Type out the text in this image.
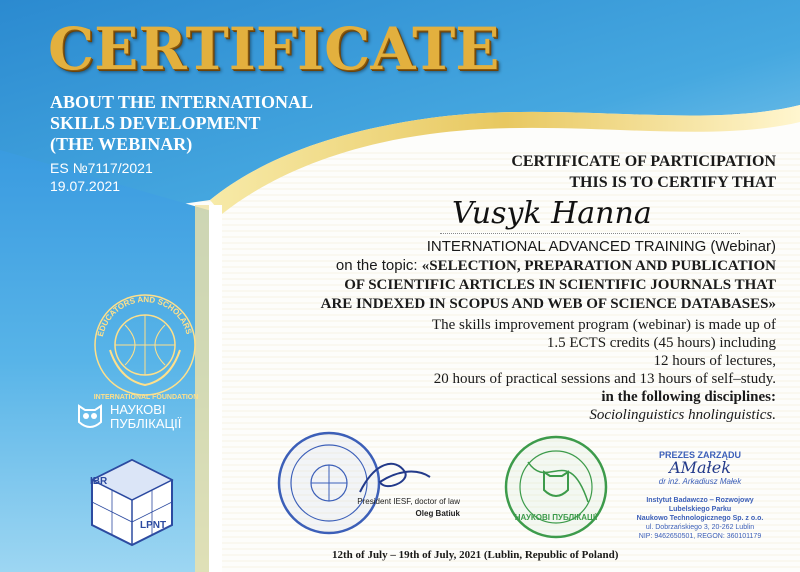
CERTIFICATE
ABOUT THE INTERNATIONAL
SKILLS DEVELOPMENT
(THE WEBINAR)
ES №7117/2021
19.07.2021
EDUCATORS AND SCHOLARS
INTERNATIONAL FOUNDATION
НАУКОВІ
ПУБЛІКАЦІЇ
IBR
LPNT
CERTIFICATE OF PARTICIPATION
THIS IS TO CERTIFY THAT
Vusyk Hanna
INTERNATIONAL ADVANCED TRAINING (Webinar)
on the topic: «SELECTION, PREPARATION AND PUBLICATION
OF SCIENTIFIC ARTICLES IN SCIENTIFIC JOURNALS THAT
ARE INDEXED IN SCOPUS AND WEB OF SCIENCE DATABASES»
The skills improvement program (webinar) is made up of
1.5 ECTS credits (45 hours) including
12 hours of lectures,
20 hours of practical sessions and 13 hours of self‒study.
in the following disciplines:
Sociolinguistics hnolinguistics.
President IESF, doctor of law
Oleg Batiuk	НАУКОВІ ПУБЛІКАЦІЇ
PREZES ZARZĄDU
AMałek
dr inż. Arkadiusz Małek
Instytut Badawczo ‒ Rozwojowy
Lubelskiego Parku
Naukowo Technologicznego Sp. z o.o.
ul. Dobrzańskiego 3, 20-262 Lublin
NIP: 9462650501, REGON: 360101179
12th of July ‒ 19th of July, 2021 (Lublin, Republic of Poland)
